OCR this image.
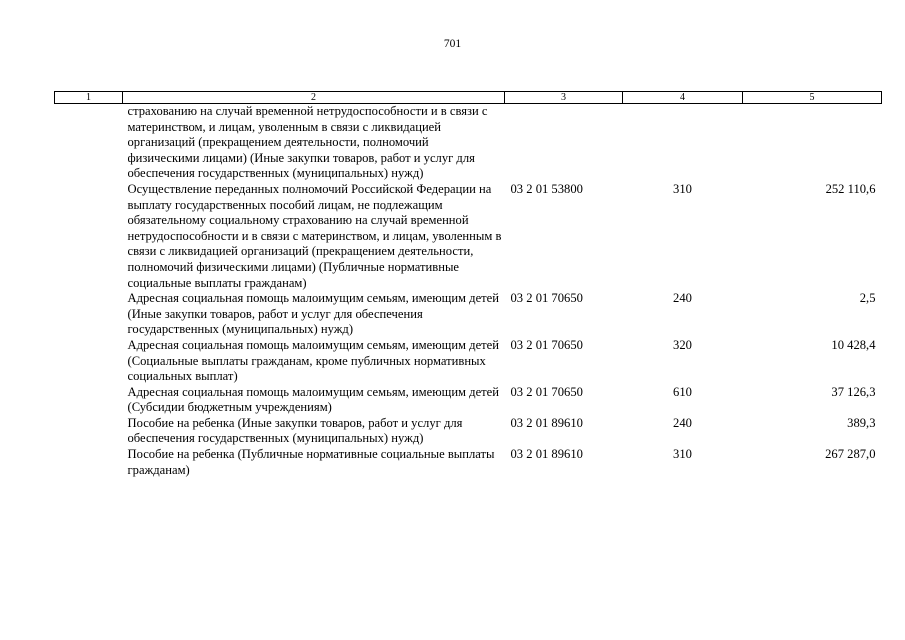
701
1	2	3	4	5
	страхованию на случай временной нетрудоспособности и в связи с материнством, и лицам, уволенным в связи с ликвидацией организаций (прекращением деятельности, полномочий физическими лицами) (Иные закупки товаров, работ и услуг для обеспечения государственных (муниципальных) нужд)			
	Осуществление переданных полномочий Российской Федерации на выплату государственных пособий лицам, не подлежащим обязательному социальному страхованию на случай временной нетрудоспособности и в связи с материнством, и лицам, уволенным в связи с ликвидацией организаций (прекращением деятельности, полномочий физическими лицами) (Публичные нормативные социальные выплаты гражданам)	03 2 01 53800	310	252 110,6
	Адресная социальная помощь малоимущим семьям, имеющим детей (Иные закупки товаров, работ и услуг для обеспечения государственных (муниципальных) нужд)	03 2 01 70650	240	2,5
	Адресная социальная помощь малоимущим семьям, имеющим детей (Социальные выплаты гражданам, кроме публичных нормативных социальных выплат)	03 2 01 70650	320	10 428,4
	Адресная социальная помощь малоимущим семьям, имеющим детей (Субсидии бюджетным учреждениям)	03 2 01 70650	610	37 126,3
	Пособие на ребенка (Иные закупки товаров, работ и услуг для обеспечения государственных (муниципальных) нужд)	03 2 01 89610	240	389,3
	Пособие на ребенка (Публичные нормативные социальные выплаты гражданам)	03 2 01 89610	310	267 287,0
